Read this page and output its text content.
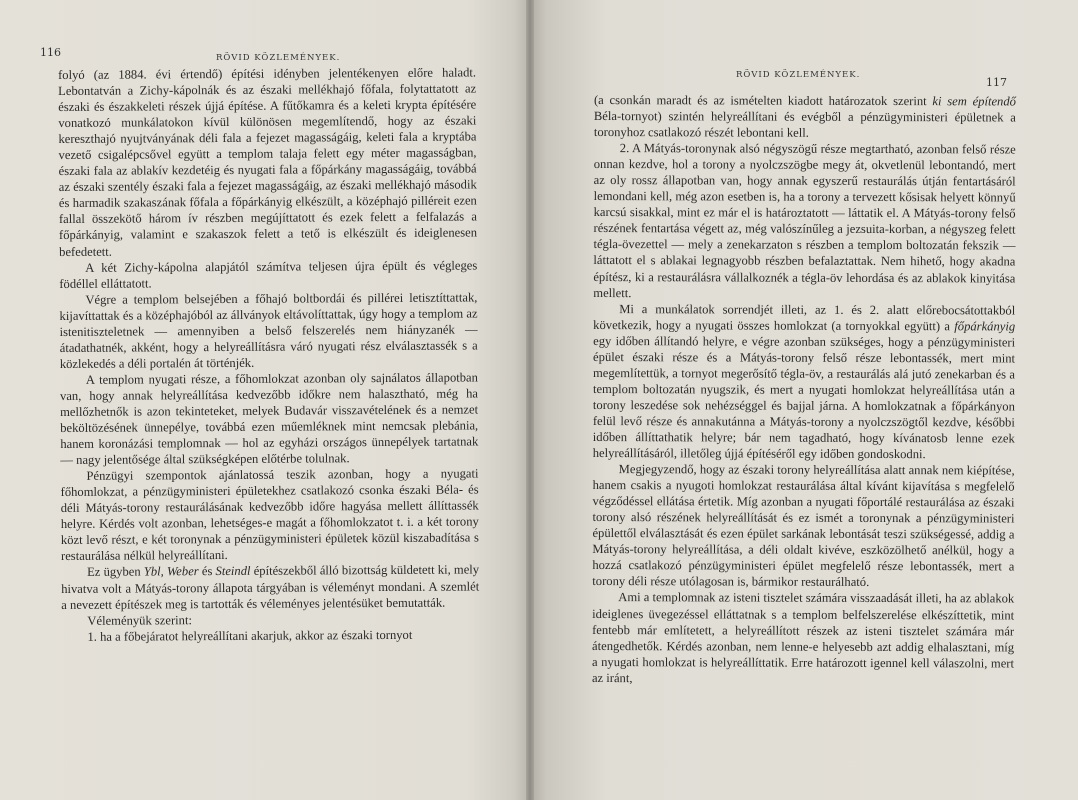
116	RÖVID KÖZLEMÉNYEK.

folyó (az 1884. évi értendő) építési idényben jelentékenyen előre haladt. Lebontatván a Zichy-kápolnák és az északi mellékhajó főfala, folytattatott az északi és északkeleti részek újjá építése. A fűtőkamra és a keleti krypta építésére vonatkozó munkálatokon kívül különösen megemlítendő, hogy az északi kereszthajó nyujtványának déli fala a fejezet magasságáig, keleti fala a kryptába vezető csigalépcsővel együtt a templom talaja felett egy méter magasságban, északi fala az ablakív kezdetéig és nyugati fala a főpárkány magasságáig, továbbá az északi szentély északi fala a fejezet magasságáig, az északi mellékhajó második és harmadik szakaszának főfala a főpárkányig elkészült, a középhajó pilléreit ezen fallal összekötő három ív részben megújíttatott és ezek felett a felfalazás a főpárkányig, valamint e szakaszok felett a tető is elkészült és ideiglenesen befedetett.

A két Zichy-kápolna alapjától számítva teljesen újra épült és végleges födéllel elláttatott.

Végre a templom belsejében a főhajó boltbordái és pillérei letisztíttattak, kijavíttattak és a középhajóból az állványok eltávolíttattak, úgy hogy a templom az istenitiszteletnek — amennyiben a belső felszerelés nem hiányzanék — átadathatnék, akként, hogy a helyreállításra váró nyugati rész elválasztassék s a közlekedés a déli portalén át történjék.

A templom nyugati része, a főhomlokzat azonban oly sajnálatos állapotban van, hogy annak helyreállítása kedvezőbb időkre nem halasztható, még ha mellőzhetnők is azon tekinteteket, melyek Budavár visszavételének és a nemzet beköltözésének ünnepélye, továbbá ezen műemléknek mint nemcsak plebánia, hanem koronázási templomnak — hol az egyházi országos ünnepélyek tartatnak — nagy jelentősége által szükségképen előtérbe tolulnak.

Pénzügyi szempontok ajánlatossá teszik azonban, hogy a nyugati főhomlokzat, a pénzügyministeri épületekhez csatlakozó csonka északi Béla- és déli Mátyás-torony restaurálásának kedvezőbb időre hagyása mellett állíttassék helyre. Kérdés volt azonban, lehetséges-e magát a főhomlokzatot t. i. a két torony közt levő részt, e két toronynak a pénzügyministeri épületek közül kiszabadítása s restaurálása nélkül helyreállítani.

Ez ügyben Ybl, Weber és Steindl építészekből álló bizottság küldetett ki, mely hivatva volt a Mátyás-torony állapota tárgyában is véleményt mondani. A szemlét a nevezett építészek meg is tartották és véleményes jelentésüket bemutatták.

Véleményük szerint:

1. ha a főbejáratot helyreállítani akarjuk, akkor az északi tornyot

RÖVID KÖZLEMÉNYEK.
117

(a csonkán maradt és az ismételten kiadott határozatok szerint ki sem építendő Béla-tornyot) szintén helyreállítani és evégből a pénzügyministeri épületnek a toronyhoz csatlakozó részét lebontani kell.

2. A Mátyás-toronynak alsó négyszögű része megtartható, azonban felső része onnan kezdve, hol a torony a nyolczszögbe megy át, okvetlenül lebontandó, mert az oly rossz állapotban van, hogy annak egyszerű restaurálás útján fentartásáról lemondani kell, még azon esetben is, ha a torony a tervezett kősisak helyett könnyű karcsú sisakkal, mint ez már el is határoztatott — láttatik el. A Mátyás-torony felső részének fentartása végett az, még valószínűleg a jezsuita-korban, a négyszeg felett tégla-övezettel — mely a zenekarzaton s részben a templom boltozatán fekszik — láttatott el s ablakai legnagyobb részben befalaztattak. Nem hihető, hogy akadna építész, ki a restaurálásra vállalkoznék a tégla-öv lehordása és az ablakok kinyitása mellett.

Mi a munkálatok sorrendjét illeti, az 1. és 2. alatt előrebocsátottakból következik, hogy a nyugati összes homlokzat (a tornyokkal együtt) a főpárkányig egy időben állítandó helyre, e végre azonban szükséges, hogy a pénzügyministeri épület északi része és a Mátyás-torony felső része lebontassék, mert mint megemlítettük, a tornyot megerősítő tégla-öv, a restaurálás alá jutó zenekarban és a templom boltozatán nyugszik, és mert a nyugati homlokzat helyreállítása után a torony leszedése sok nehézséggel és bajjal járna. A homlokzatnak a főpárkányon felül levő része és annakutánna a Mátyás-torony a nyolczszögtől kezdve, későbbi időben állíttathatik helyre; bár nem tagadható, hogy kívánatosb lenne ezek helyreállításáról, illetőleg újjá építéséről egy időben gondoskodni.

Megjegyzendő, hogy az északi torony helyreállítása alatt annak nem kiépítése, hanem csakis a nyugoti homlokzat restaurálása által kívánt kijavítása s megfelelő végződéssel ellátása értetik. Míg azonban a nyugati főportálé restaurálása az északi torony alsó részének helyreállítását és ez ismét a toronynak a pénzügyministeri épülettől elválasztását és ezen épület sarkának lebontását teszi szükségessé, addig a Mátyás-torony helyreállítása, a déli oldalt kivéve, eszközölhető anélkül, hogy a hozzá csatlakozó pénzügyministeri épület megfelelő része lebontassék, mert a torony déli része utólagosan is, bármikor restaurálható.

Ami a templomnak az isteni tisztelet számára visszaadását illeti, ha az ablakok ideiglenes üvegezéssel elláttatnak s a templom belfelszerelése elkészíttetik, mint fentebb már említetett, a helyreállított részek az isteni tisztelet számára már átengedhetők. Kérdés azonban, nem lenne-e helyesebb azt addig elhalasztani, míg a nyugati homlokzat is helyreállíttatik. Erre határozott igennel kell válaszolni, mert az iránt,
